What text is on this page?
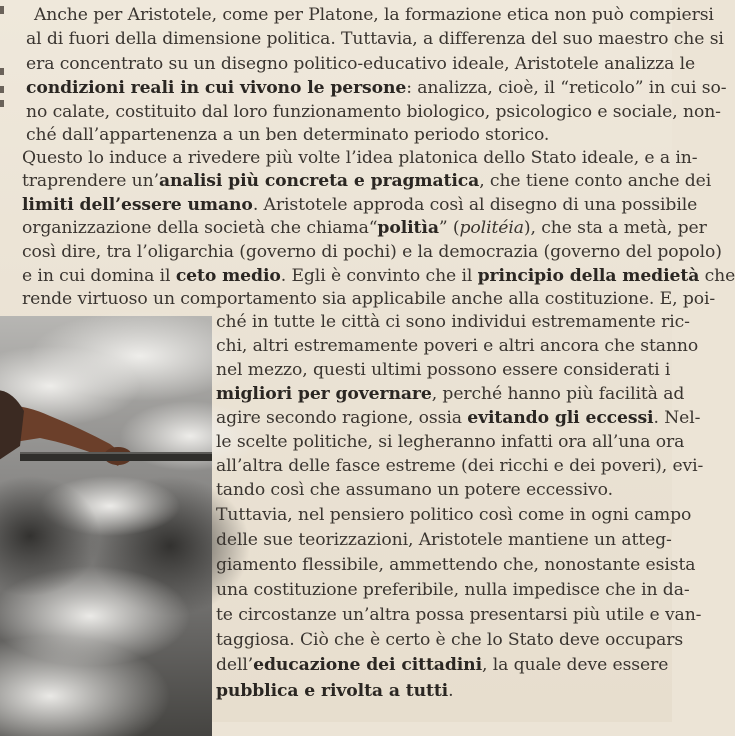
Anche per Aristotele, come per Platone, la formazione etica non può compiersi
al di fuori della dimensione politica. Tuttavia, a differenza del suo maestro che si
era concentrato su un disegno politico-educativo ideale, Aristotele analizza le
condizioni reali in cui vivono le persone: analizza, cioè, il “reticolo” in cui so-
no calate, costituito dal loro funzionamento biologico, psicologico e sociale, non-
ché dall’appartenenza a un ben determinato periodo storico.
Questo lo induce a rivedere più volte l’idea platonica dello Stato ideale, e a in-
traprendere un’analisi più concreta e pragmatica, che tiene conto anche dei
limiti dell’essere umano. Aristotele approda così al disegno di una possibile
organizzazione della società che chiama“politìa” (politéia), che sta a metà, per
così dire, tra l’oligarchia (governo di pochi) e la democrazia (governo del popolo)
e in cui domina il ceto medio. Egli è convinto che il principio della medietà che
rende virtuoso un comportamento sia applicabile anche alla costituzione. E, poi-
ché in tutte le città ci sono individui estremamente ric-
chi, altri estremamente poveri e altri ancora che stanno
nel mezzo, questi ultimi possono essere considerati i
migliori per governare, perché hanno più facilità ad
agire secondo ragione, ossia evitando gli eccessi. Nel-
le scelte politiche, si legheranno infatti ora all’una ora
all’altra delle fasce estreme (dei ricchi e dei poveri), evi-
tando così che assumano un potere eccessivo.
Tuttavia, nel pensiero politico così come in ogni campo
delle sue teorizzazioni, Aristotele mantiene un atteg-
giamento flessibile, ammettendo che, nonostante esista
una costituzione preferibile, nulla impedisce che in da-
te circostanze un’altra possa presentarsi più utile e van-
taggiosa. Ciò che è certo è che lo Stato deve occupars
dell’educazione dei cittadini, la quale deve essere
pubblica e rivolta a tutti.
